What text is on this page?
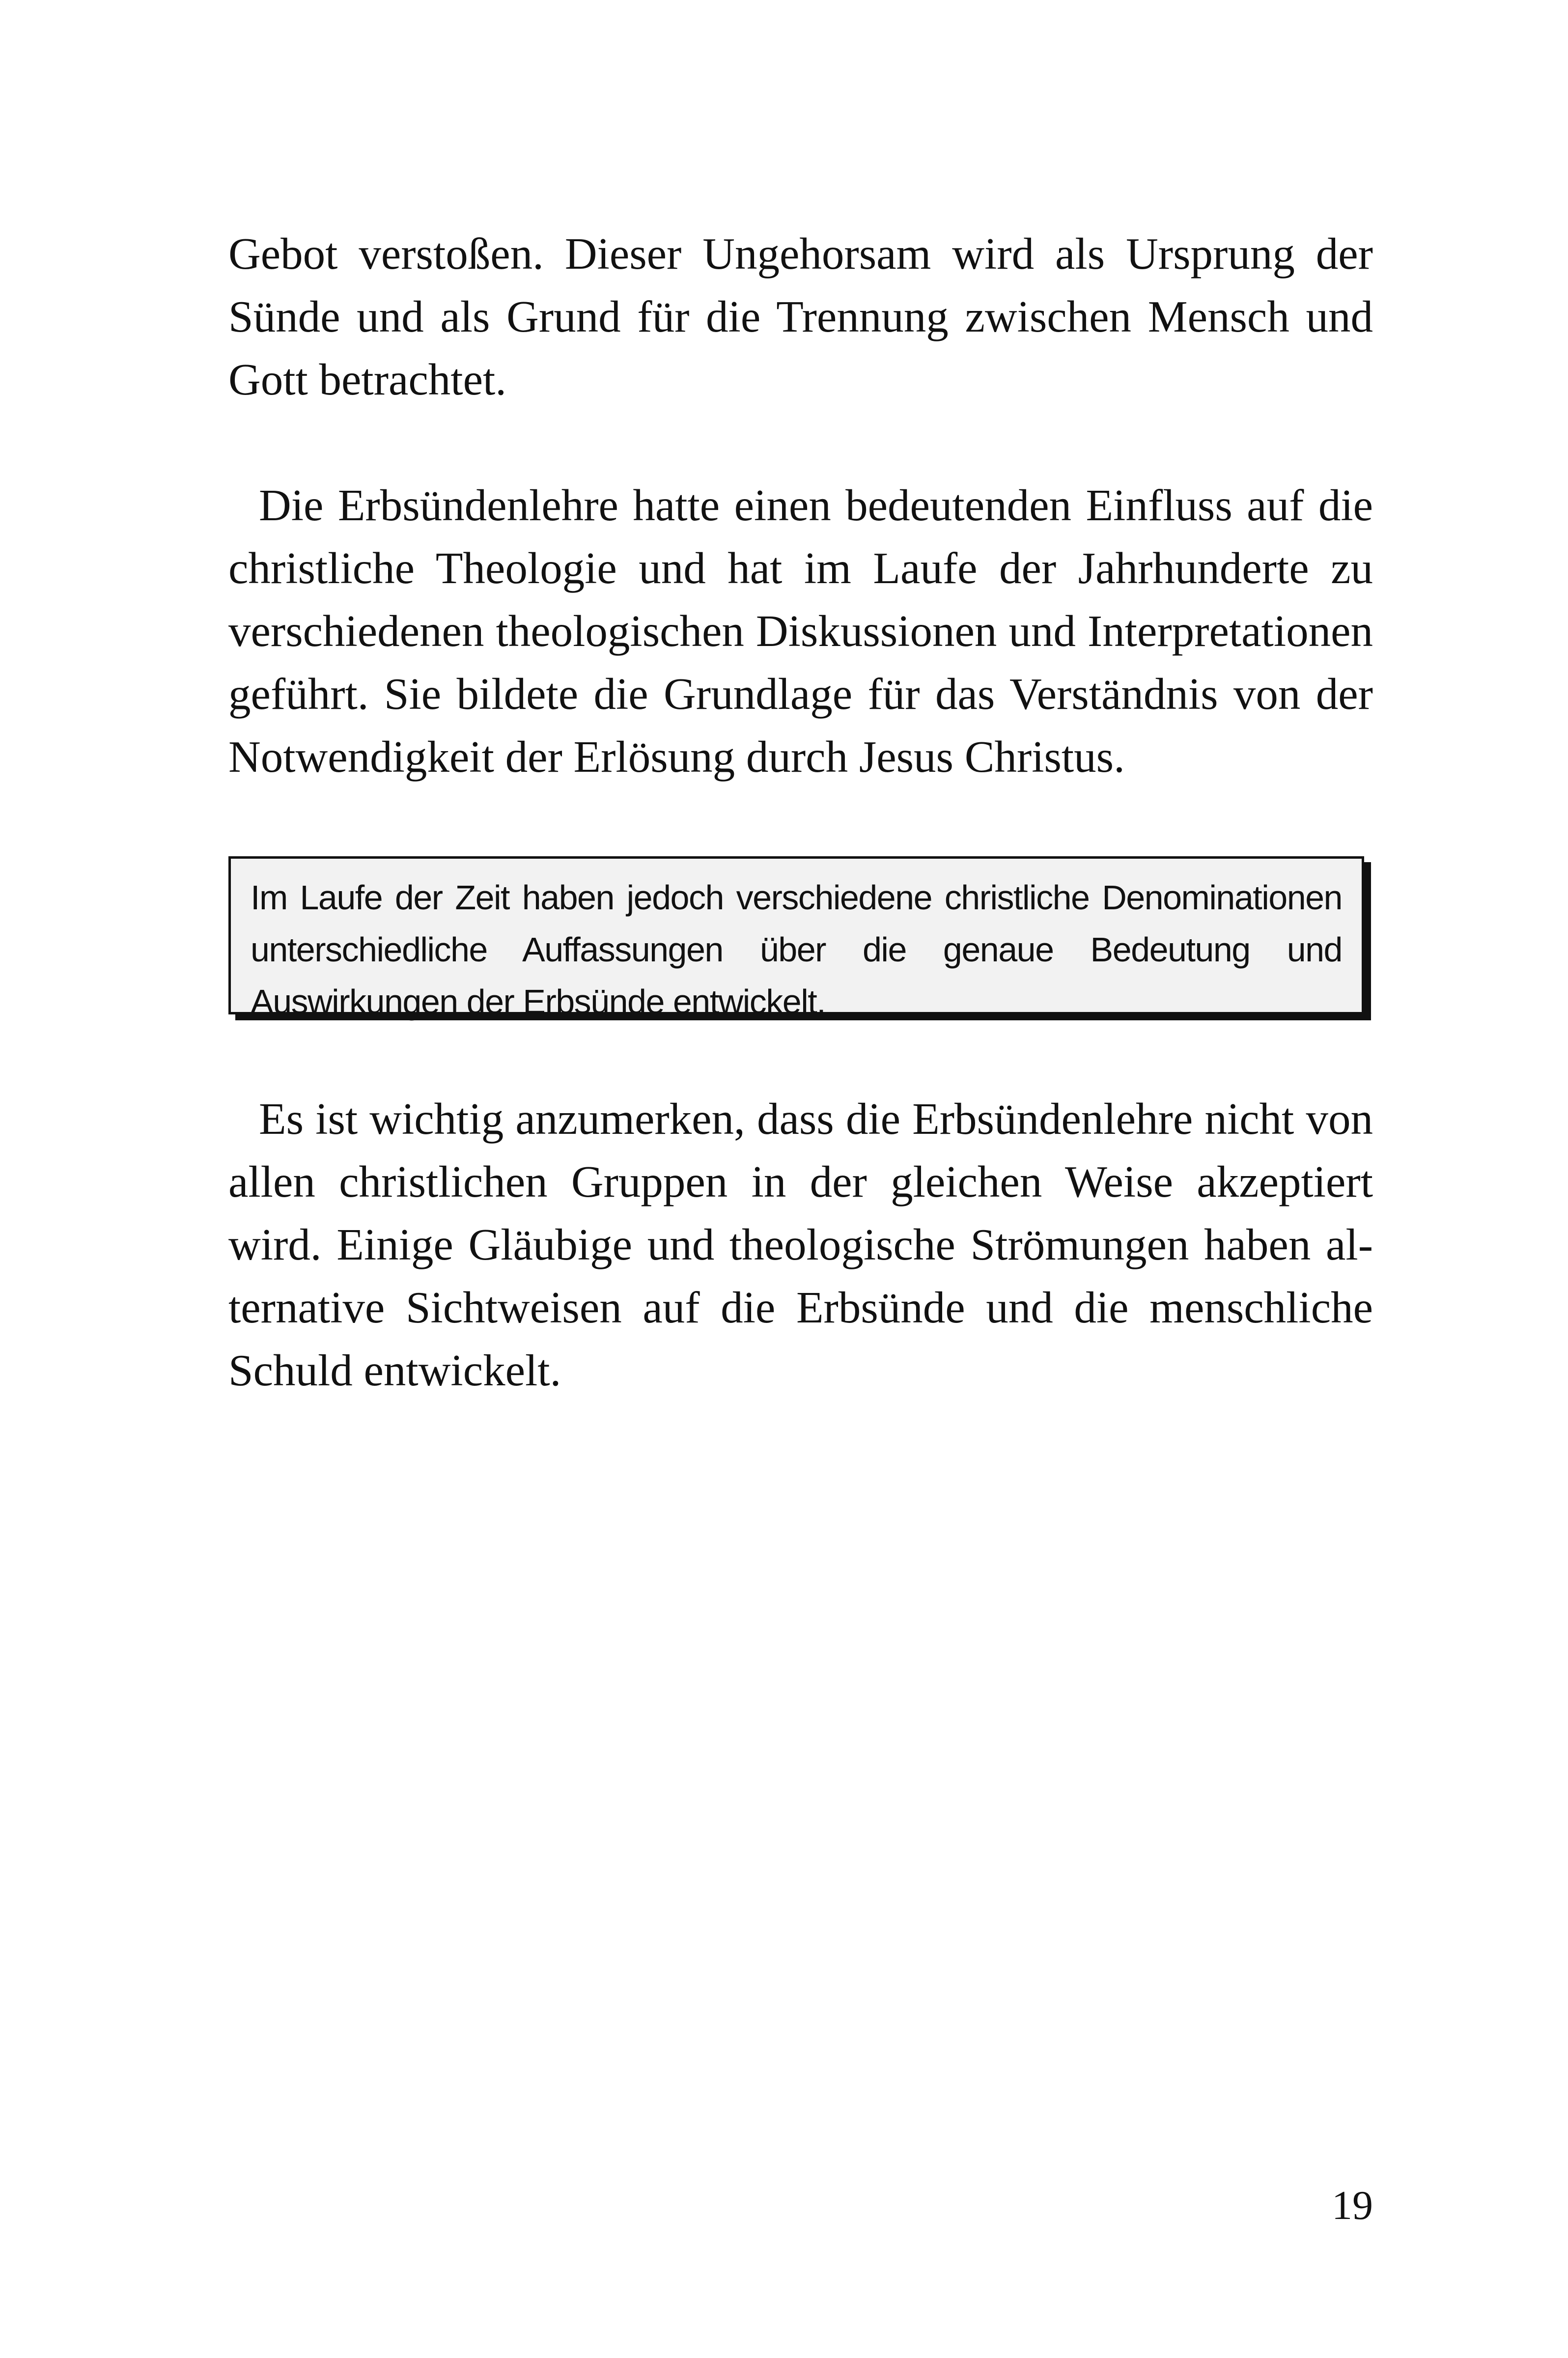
Gebot verstoßen. Dieser Ungehorsam wird als Ursprung der Sünde und als Grund für die Trennung zwischen Mensch und Gott betrachtet.

Die Erbsündenlehre hatte einen bedeutenden Einfluss auf die christliche Theologie und hat im Laufe der Jahrhunderte zu verschiedenen theologischen Diskussionen und Interpretationen geführt. Sie bildete die Grundlage für das Verständnis von der Notwendigkeit der Erlösung durch Jesus Christus.

Im Laufe der Zeit haben jedoch verschiedene christliche Denominationen unterschiedliche Auffassungen über die genaue Bedeutung und Auswirkungen der Erbsünde entwickelt.

Es ist wichtig anzumerken, dass die Erbsündenlehre nicht von allen christlichen Gruppen in der gleichen Weise akzeptiert wird. Einige Gläubige und theologische Strömungen haben alternative Sichtweisen auf die Erbsünde und die menschliche Schuld entwickelt.

19
